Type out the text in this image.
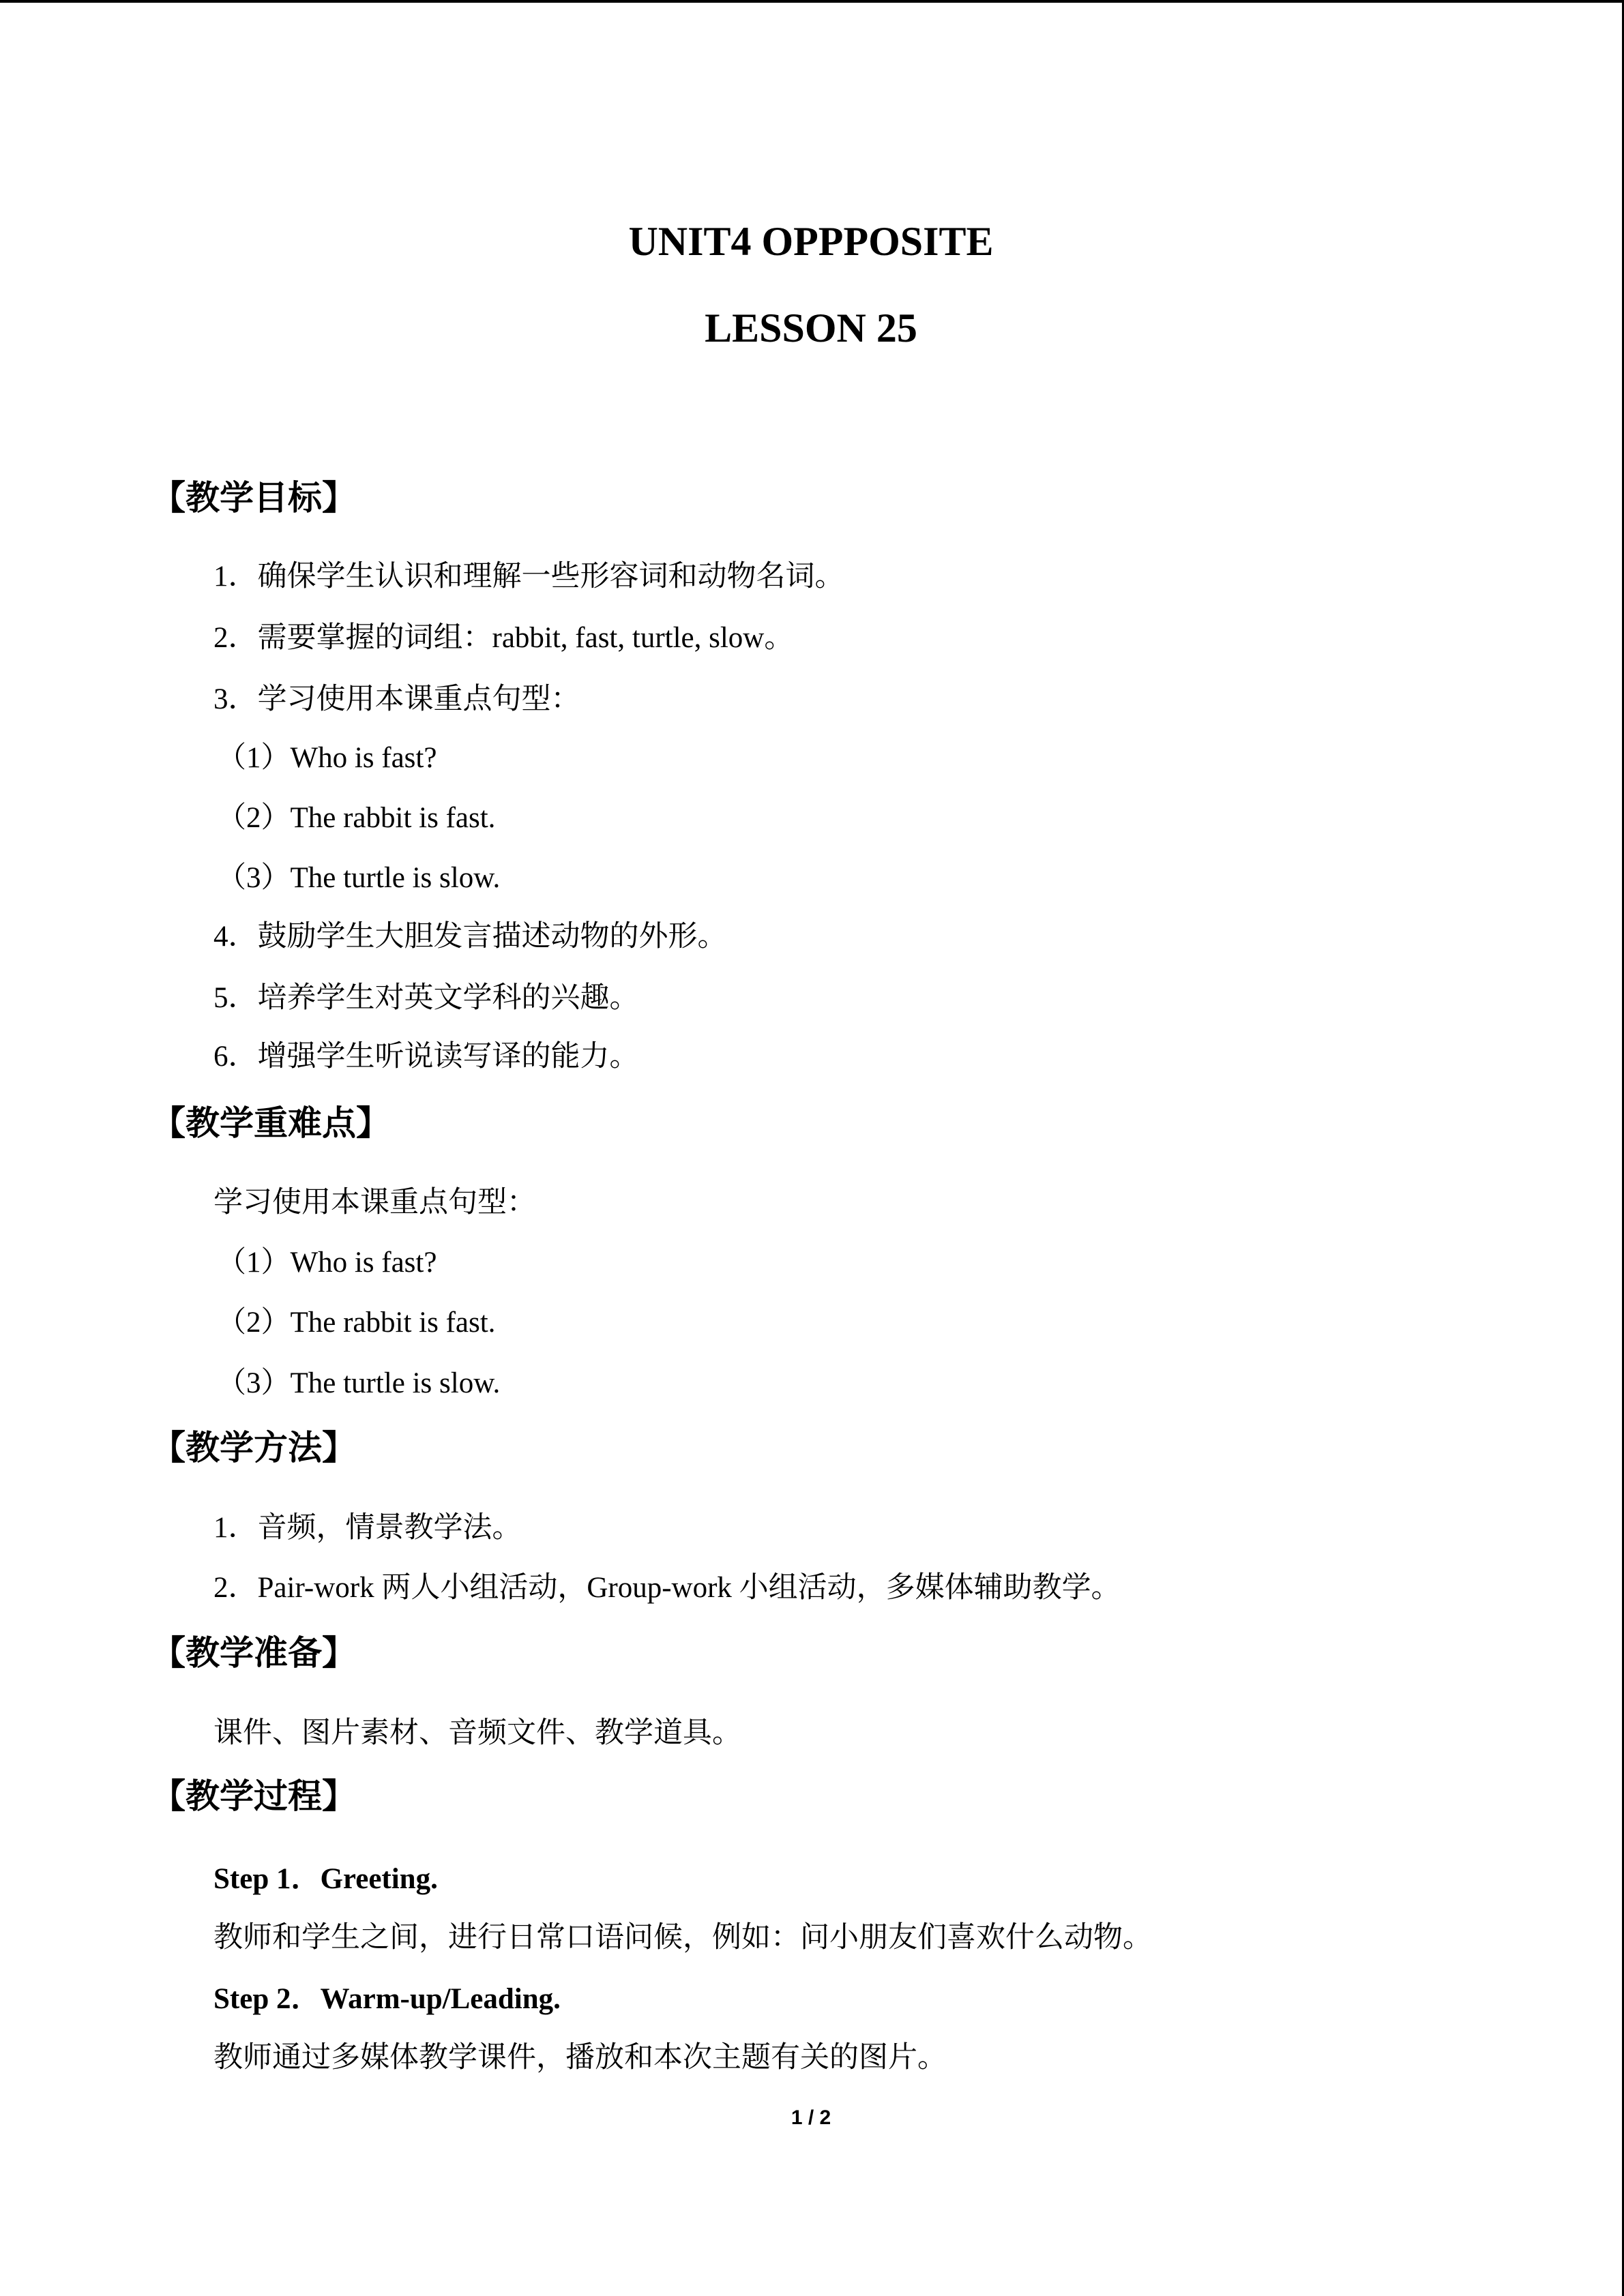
UNIT4 OPPPOSITE
LESSON 25
【教学目标】
1．确保学生认识和理解一些形容词和动物名词。
2．需要掌握的词组：rabbit, fast, turtle, slow。
3．学习使用本课重点句型：
（1）Who is fast?
（2）The rabbit is fast.
（3）The turtle is slow.
4．鼓励学生大胆发言描述动物的外形。
5．培养学生对英文学科的兴趣。
6．增强学生听说读写译的能力。
【教学重难点】
学习使用本课重点句型：
（1）Who is fast?
（2）The rabbit is fast.
（3）The turtle is slow.
【教学方法】
1．音频，情景教学法。
2．Pair-work 两人小组活动，Group-work 小组活动，多媒体辅助教学。
【教学准备】
课件、图片素材、音频文件、教学道具。
【教学过程】
Step 1．Greeting.
教师和学生之间，进行日常口语问候，例如：问小朋友们喜欢什么动物。
Step 2．Warm-up/Leading.
教师通过多媒体教学课件，播放和本次主题有关的图片。
1 / 2
